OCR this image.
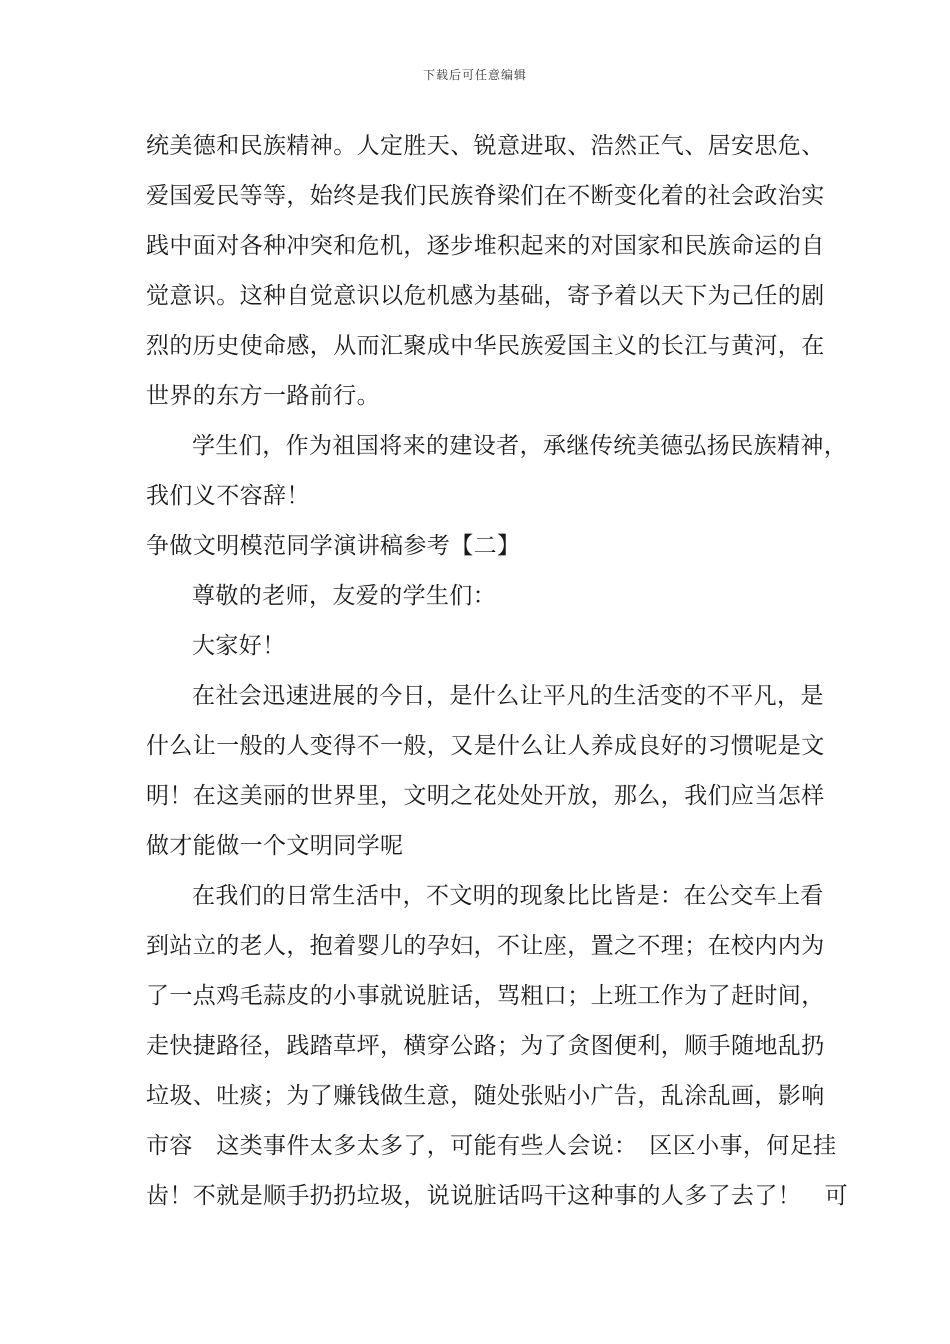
下载后可任意编辑
统美德和民族精神。人定胜天、锐意进取、浩然正气、居安思危、
爱国爱民等等，始终是我们民族脊梁们在不断变化着的社会政治实
践中面对各种冲突和危机，逐步堆积起来的对国家和民族命运的自
觉意识。这种自觉意识以危机感为基础，寄予着以天下为己任的剧
烈的历史使命感，从而汇聚成中华民族爱国主义的长江与黄河，在
世界的东方一路前行。
学生们，作为祖国将来的建设者，承继传统美德弘扬民族精神，
我们义不容辞！
争做文明模范同学演讲稿参考【二】
尊敬的老师，友爱的学生们：
大家好！
在社会迅速进展的今日，是什么让平凡的生活变的不平凡，是
什么让一般的人变得不一般，又是什么让人养成良好的习惯呢是文
明！在这美丽的世界里，文明之花处处开放，那么，我们应当怎样
做才能做一个文明同学呢
在我们的日常生活中，不文明的现象比比皆是：在公交车上看
到站立的老人，抱着婴儿的孕妇，不让座，置之不理；在校内内为
了一点鸡毛蒜皮的小事就说脏话，骂粗口；上班工作为了赶时间，
走快捷路径，践踏草坪，横穿公路；为了贪图便利，顺手随地乱扔
垃圾、吐痰；为了赚钱做生意，随处张贴小广告，乱涂乱画，影响
市容　这类事件太多太多了，可能有些人会说：　区区小事，何足挂
齿！不就是顺手扔扔垃圾，说说脏话吗干这种事的人多了去了！　可
